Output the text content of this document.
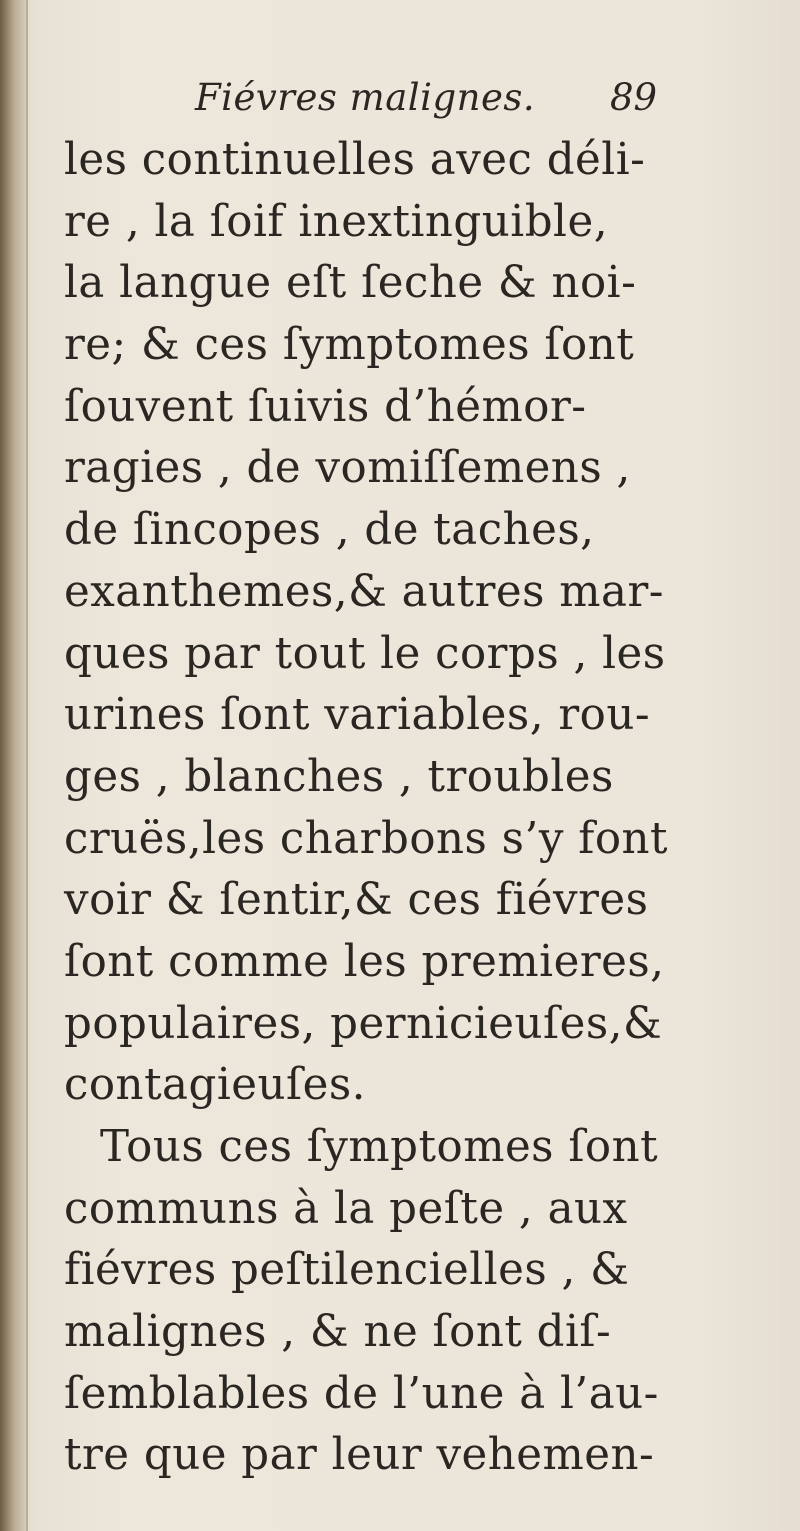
Fiévres malignes. 89
les continuelles avec déli-
re , la ſoif inextinguible,
la langue eſt ſeche & noi-
re; & ces ſymptomes ſont
ſouvent ſuivis d’hémor-
ragies , de vomiſſemens ,
de ſincopes , de taches,
exanthemes,& autres mar-
ques par tout le corps , les
urines ſont variables, rou-
ges , blanches , troubles
cruës,les charbons s’y font
voir & ſentir,& ces fiévres
ſont comme les premieres,
populaires, pernicieuſes,&
contagieuſes.
Tous ces ſymptomes ſont
communs à la peſte , aux
fiévres peſtilencielles , &
malignes , & ne ſont diſ-
ſemblables de l’une à l’au-
tre que par leur vehemen-
